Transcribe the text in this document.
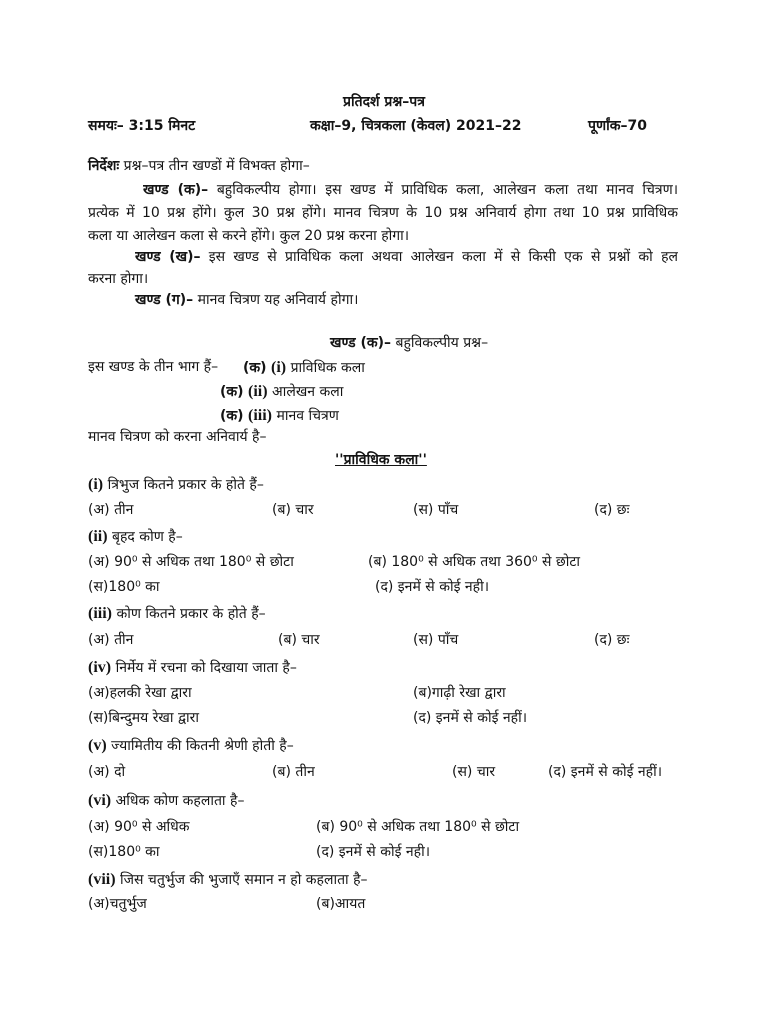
प्रतिदर्श प्रश्न–पत्र
समयः– 3:15 मिनट	कक्षा–9, चित्रकला (केवल) 2021–22	पूर्णांक–70
निर्देशः प्रश्न–पत्र तीन खण्डों में विभक्त होगा–
खण्ड (क)– बहुविकल्पीय होगा। इस खण्ड में प्राविधिक कला, आलेखन कला तथा मानव चित्रण।
प्रत्येक में 10 प्रश्न होंगे। कुल 30 प्रश्न होंगे। मानव चित्रण के 10 प्रश्न अनिवार्य होगा तथा 10 प्रश्न प्राविधिक
कला या आलेखन कला से करने होंगे। कुल 20 प्रश्न करना होगा।
खण्ड (ख)– इस खण्ड से प्राविधिक कला अथवा आलेखन कला में से किसी एक से प्रश्नों को हल
करना होगा।
खण्ड (ग)– मानव चित्रण यह अनिवार्य होगा।
खण्ड (क)– बहुविकल्पीय प्रश्न–
इस खण्ड के तीन भाग हैं– (क) (i) प्राविधिक कला
(क) (ii) आलेखन कला
(क) (iii) मानव चित्रण
मानव चित्रण को करना अनिवार्य है–
''प्राविधिक कला''
(i) त्रिभुज कितने प्रकार के होते हैं–
(अ) तीन	(ब) चार	(स) पाँच	(द) छः
(ii) बृहद कोण है–
(अ) 90⁰ से अधिक तथा 180⁰ से छोटा	(ब) 180⁰ से अधिक तथा 360⁰ से छोटा
(स)180⁰ का	(द) इनमें से कोई नही।
(iii) कोण कितने प्रकार के होते हैं–
(अ) तीन	(ब) चार	(स) पाँच	(द) छः
(iv) निर्मेय में रचना को दिखाया जाता है–
(अ)हलकी रेखा द्वारा	(ब)गाढ़ी रेखा द्वारा
(स)बिन्दुमय रेखा द्वारा	(द) इनमें से कोई नहीं।
(v) ज्यामितीय की कितनी श्रेणी होती है–
(अ) दो	(ब) तीन	(स) चार	(द) इनमें से कोई नहीं।
(vi) अधिक कोण कहलाता है–
(अ) 90⁰ से अधिक	(ब) 90⁰ से अधिक तथा 180⁰ से छोटा
(स)180⁰ का	(द) इनमें से कोई नही।
(vii) जिस चतुर्भुज की भुजाएँ समान न हो कहलाता है–
(अ)चतुर्भुज	(ब)आयत
